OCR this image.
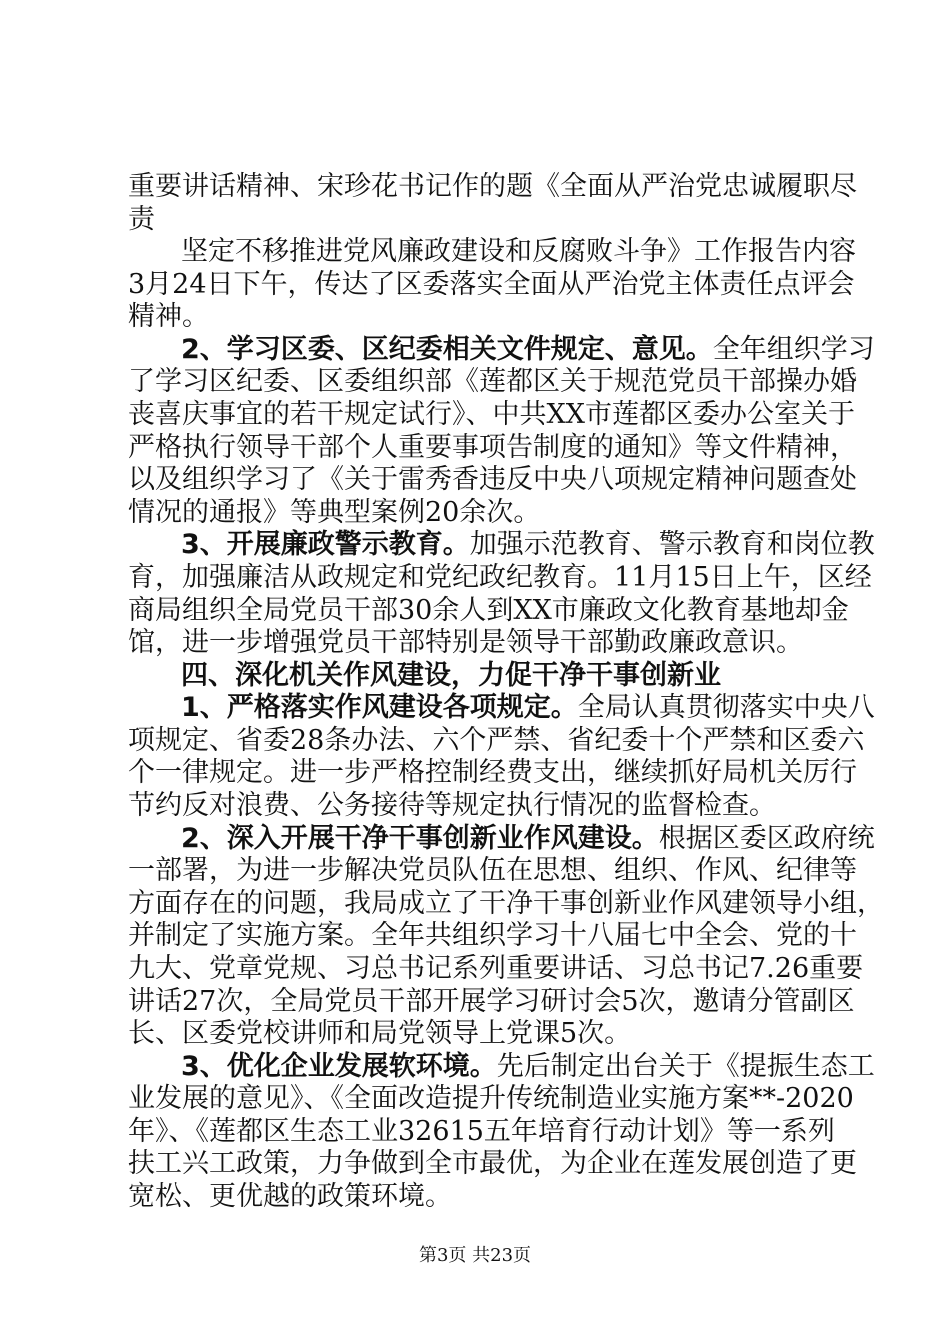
重要讲话精神、宋珍花书记作的题《全面从严治党忠诚履职尽
责
坚定不移推进党风廉政建设和反腐败斗争》工作报告内容
3月24日下午，传达了区委落实全面从严治党主体责任点评会
精神。
2、学习区委、区纪委相关文件规定、意见。全年组织学习
了学习区纪委、区委组织部《莲都区关于规范党员干部操办婚
丧喜庆事宜的若干规定试行》、中共XX市莲都区委办公室关于
严格执行领导干部个人重要事项告制度的通知》等文件精神，
以及组织学习了《关于雷秀香违反中央八项规定精神问题查处
情况的通报》等典型案例20余次。
3、开展廉政警示教育。加强示范教育、警示教育和岗位教
育，加强廉洁从政规定和党纪政纪教育。11月15日上午，区经
商局组织全局党员干部30余人到XX市廉政文化教育基地却金
馆，进一步增强党员干部特别是领导干部勤政廉政意识。
四、深化机关作风建设，力促干净干事创新业
1、严格落实作风建设各项规定。全局认真贯彻落实中央八
项规定、省委28条办法、六个严禁、省纪委十个严禁和区委六
个一律规定。进一步严格控制经费支出，继续抓好局机关厉行
节约反对浪费、公务接待等规定执行情况的监督检查。
2、深入开展干净干事创新业作风建设。根据区委区政府统
一部署，为进一步解决党员队伍在思想、组织、作风、纪律等
方面存在的问题，我局成立了干净干事创新业作风建领导小组，
并制定了实施方案。全年共组织学习十八届七中全会、党的十
九大、党章党规、习总书记系列重要讲话、习总书记7.26重要
讲话27次，全局党员干部开展学习研讨会5次，邀请分管副区
长、区委党校讲师和局党领导上党课5次。
3、优化企业发展软环境。先后制定出台关于《提振生态工
业发展的意见》、《全面改造提升传统制造业实施方案**-2020
年》、《莲都区生态工业32615五年培育行动计划》等一系列
扶工兴工政策，力争做到全市最优，为企业在莲发展创造了更
宽松、更优越的政策环境。
第3页 共23页
